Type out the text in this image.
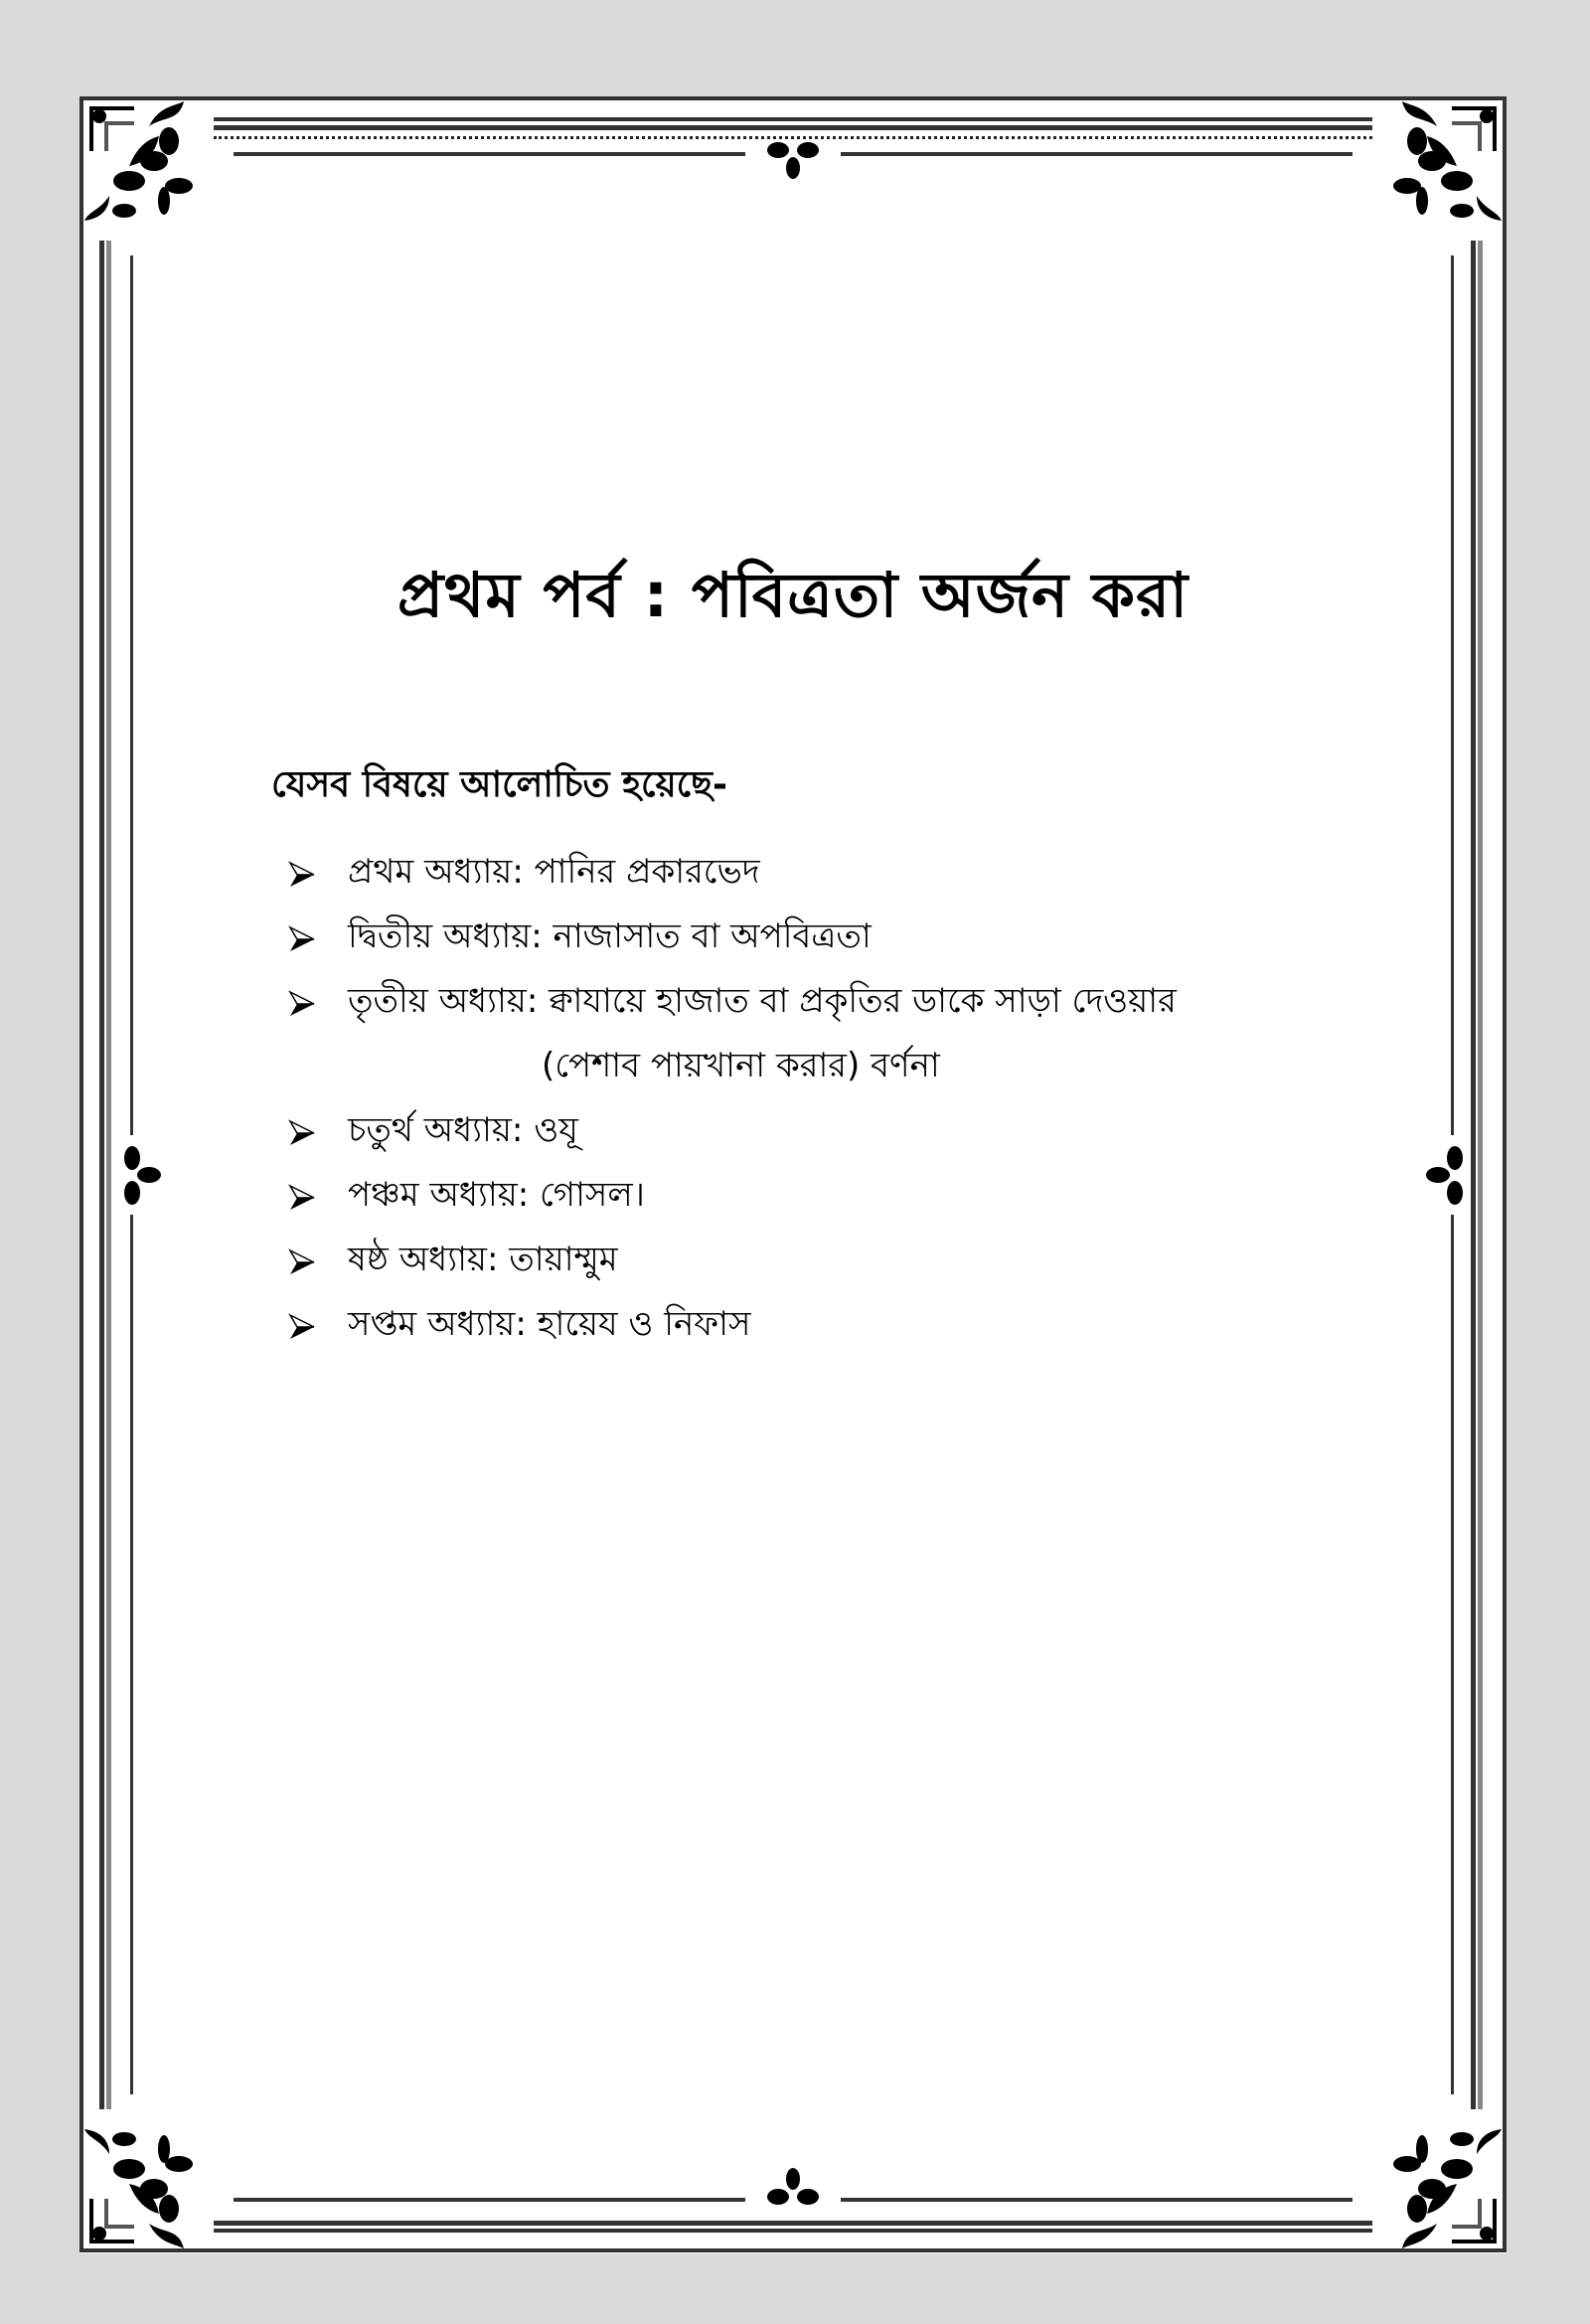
প্রথম পর্ব : পবিত্রতা অর্জন করা
যেসব বিষয়ে আলোচিত হয়েছে-
প্রথম অধ্যায়: পানির প্রকারভেদ
দ্বিতীয় অধ্যায়: নাজাসাত বা অপবিত্রতা
তৃতীয় অধ্যায়: ক্বাযায়ে হাজাত বা প্রকৃতির ডাকে সাড়া দেওয়ার
(পেশাব পায়খানা করার) বর্ণনা
চতুর্থ অধ্যায়: ওযূ
পঞ্চম অধ্যায়: গোসল।
ষষ্ঠ অধ্যায়: তায়াম্মুম
সপ্তম অধ্যায়: হায়েয ও নিফাস
